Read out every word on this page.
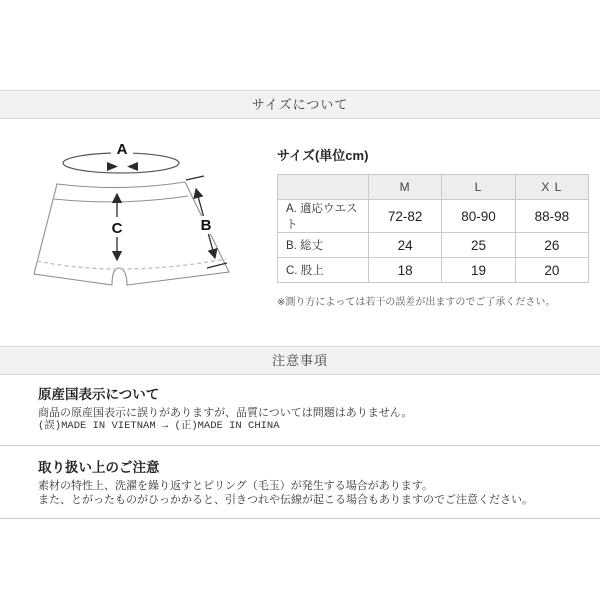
サイズについて
A
C	B

サイズ(単位cm)

	M	L	X L
A. 適応ウエスト	72-82	80-90	88-98
B. 総丈	24	25	26
C. 股上	18	19	20

※測り方によっては若干の誤差が出ますのでご了承ください。

注意事項

原産国表示について

商品の原産国表示に誤りがありますが、品質については問題はありません。

(誤)MADE IN VIETNAM → (正)MADE IN CHINA

取り扱い上のご注意

素材の特性上、洗濯を繰り返すとピリング（毛玉）が発生する場合があります。

また、とがったものがひっかかると、引きつれや伝線が起こる場合もありますのでご注意ください。
